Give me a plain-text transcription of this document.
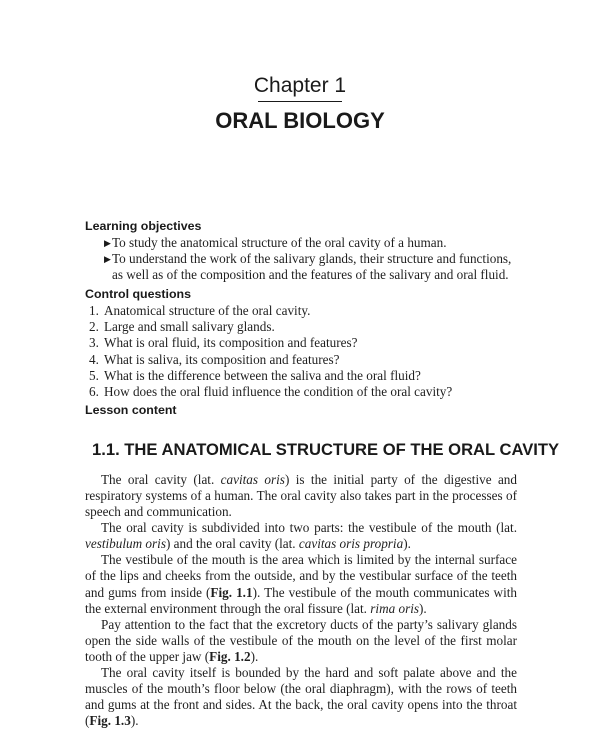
Chapter 1
ORAL BIOLOGY
Learning objectives
▶ To study the anatomical structure of the oral cavity of a human.
▶ To understand the work of the salivary glands, their structure and functions, as well as of the composition and the features of the salivary and oral fluid.
Control questions
1. Anatomical structure of the oral cavity.
2. Large and small salivary glands.
3. What is oral fluid, its composition and features?
4. What is saliva, its composition and features?
5. What is the difference between the saliva and the oral fluid?
6. How does the oral fluid influence the condition of the oral cavity?
Lesson content
1.1. THE ANATOMICAL STRUCTURE OF THE ORAL CAVITY

The oral cavity (lat. cavitas oris) is the initial party of the digestive and respiratory systems of a human. The oral cavity also takes part in the processes of speech and communication.

The oral cavity is subdivided into two parts: the vestibule of the mouth (lat. vestibulum oris) and the oral cavity (lat. cavitas oris propria).

The vestibule of the mouth is the area which is limited by the internal surface of the lips and cheeks from the outside, and by the vestibular surface of the teeth and gums from inside (Fig. 1.1). The vestibule of the mouth communicates with the external environment through the oral fissure (lat. rima oris).

Pay attention to the fact that the excretory ducts of the party’s salivary glands open the side walls of the vestibule of the mouth on the level of the first molar tooth of the upper jaw (Fig. 1.2).

The oral cavity itself is bounded by the hard and soft palate above and the muscles of the mouth’s floor below (the oral diaphragm), with the rows of teeth and gums at the front and sides. At the back, the oral cavity opens into the throat (Fig. 1.3).
